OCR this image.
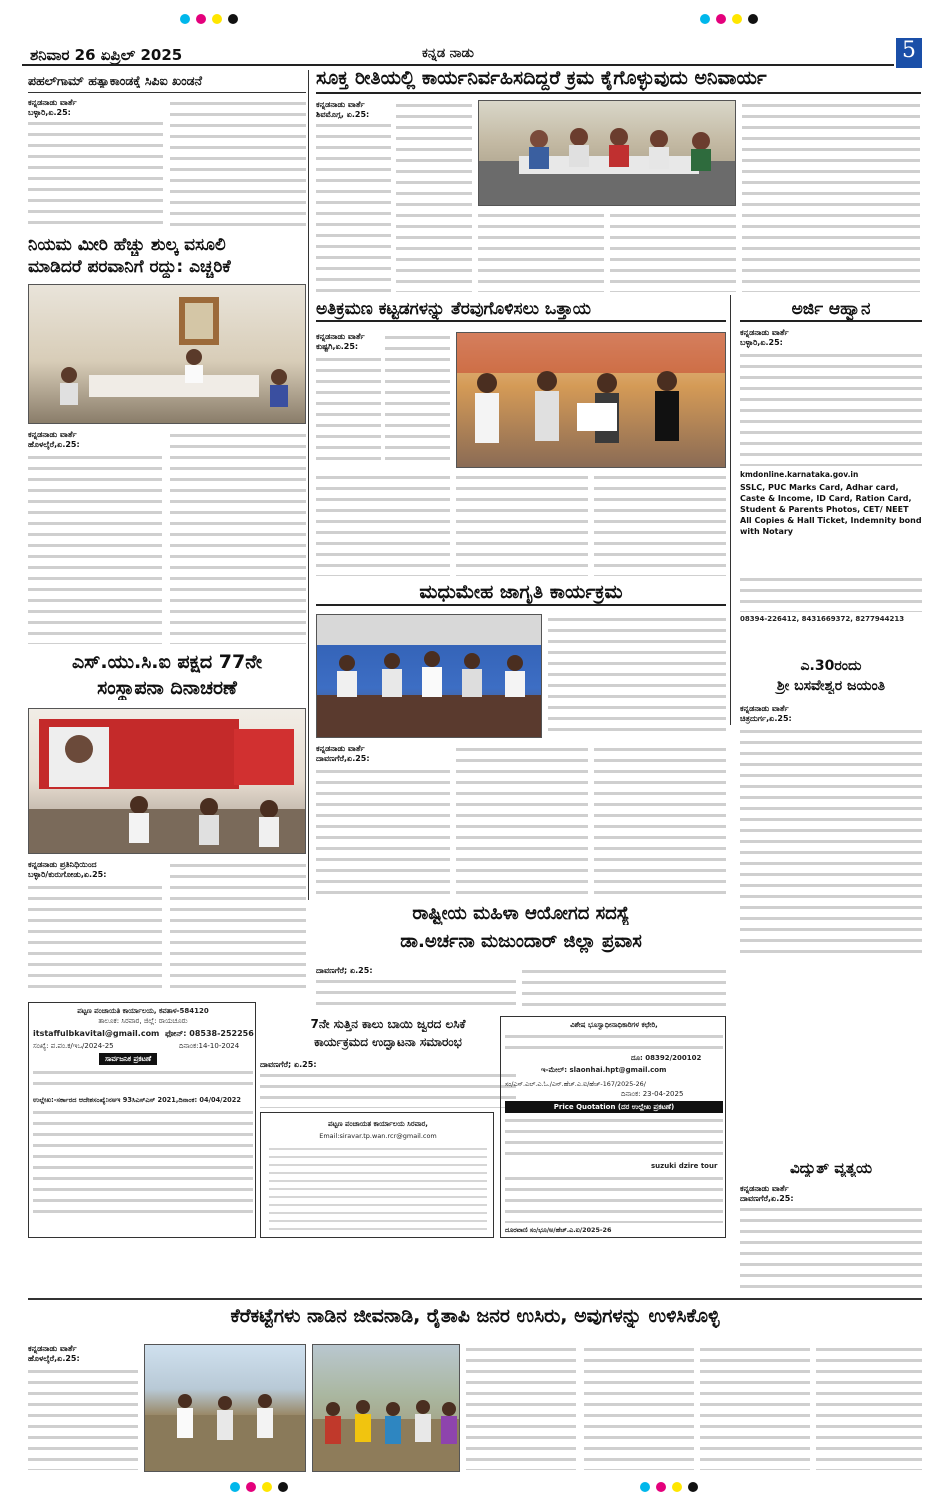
ಶನಿವಾರ 26 ಏಪ್ರಿಲ್ 2025	ಕನ್ನಡ ನಾಡು	5
ಪಹಲ್‌ಗಾಮ್ ಹತ್ಯಾಕಾಂಡಕ್ಕೆ ಸಿಪಿಐ ಖಂಡನೆ
ಕನ್ನಡನಾಡು ವಾರ್ತೆ
ಬಳ್ಳಾರಿ,ಏ.25:
ಸೂಕ್ತ ರೀತಿಯಲ್ಲಿ ಕಾರ್ಯನಿರ್ವಹಿಸದಿದ್ದರೆ ಕ್ರಮ ಕೈಗೊಳ್ಳುವುದು ಅನಿವಾರ್ಯ
ಕನ್ನಡನಾಡು ವಾರ್ತೆ
ಶಿವಮೊಗ್ಗ, ಏ.25:
ನಿಯಮ ಮೀರಿ ಹೆಚ್ಚು ಶುಲ್ಕ ವಸೂಲಿ
ಮಾಡಿದರೆ ಪರವಾನಿಗೆ ರದ್ದು: ಎಚ್ಚರಿಕೆ
ಕನ್ನಡನಾಡು ವಾರ್ತೆ
ಹೊಳಲ್ಕೆರೆ,ಏ.25:
ಅತಿಕ್ರಮಣ ಕಟ್ಟಡಗಳನ್ನು ತೆರವುಗೊಳಿಸಲು ಒತ್ತಾಯ
ಕನ್ನಡನಾಡು ವಾರ್ತೆ
ಕುಷ್ಟಗಿ,ಏ.25:
ಅರ್ಜಿ ಆಹ್ವಾನ
ಕನ್ನಡನಾಡು ವಾರ್ತೆ
ಬಳ್ಳಾರಿ,ಏ.25:
kmdonline.karnataka.gov.in
SSLC, PUC Marks Card, Adhar card, Caste & Income, ID Card, Ration Card, Student & Parents Photos, CET/ NEET All Copies & Hall Ticket, Indemnity bond with Notary
08394-226412, 8431669372, 8277944213
ಮಧುಮೇಹ ಜಾಗೃತಿ ಕಾರ್ಯಕ್ರಮ
ಕನ್ನಡನಾಡು ವಾರ್ತೆ
ದಾವಣಗೆರೆ,ಏ.25:
ಎಸ್.ಯು.ಸಿ.ಐ ಪಕ್ಷದ 77ನೇ
ಸಂಸ್ಥಾಪನಾ ದಿನಾಚರಣೆ
ಕನ್ನಡನಾಡು ಪ್ರತಿನಿಧಿಯಿಂದ
ಬಳ್ಳಾರಿ/ಕುರುಗೋಡು,ಏ.25:
ಎ.30ರಂದು
ಶ್ರೀ ಬಸವೇಶ್ವರ ಜಯಂತಿ
ಕನ್ನಡನಾಡು ವಾರ್ತೆ
ಚಿತ್ರದುರ್ಗ,ಏ.25:
ರಾಷ್ಟ್ರೀಯ ಮಹಿಳಾ ಆಯೋಗದ ಸದಸ್ಯೆ
ಡಾ.ಅರ್ಚನಾ ಮಜುಂದಾರ್ ಜಿಲ್ಲಾ ಪ್ರವಾಸ
ದಾವಣಗೆರೆ; ಏ.25:
7ನೇ ಸುತ್ತಿನ ಕಾಲು ಬಾಯಿ ಜ್ವರದ ಲಸಿಕೆ
ಕಾರ್ಯಕ್ರಮದ ಉದ್ಘಾಟನಾ ಸಮಾರಂಭ
ದಾವಣಗೆರೆ; ಏ.25:
ಪಟ್ಟಣ ಪಂಚಾಯತಿ ಕಾರ್ಯಾಲಯ, ಕವತಾಳ-584120
ತಾಲೂಕ: ಸಿರವಾರ, ಜಿಲ್ಲೆ: ರಾಯಚೂರು
itstaffulbkavital@gmail.com ಫೋನ್: 08538-252256
ಸಂಖ್ಯೆ: ಪ.ಪಂ.ಕ/ಇಒ/2024-25	ದಿನಾಂಕ:14-10-2024
ಸಾರ್ವಜನಿಕ ಪ್ರಕಟಣೆ
ಉಲ್ಲೇಖ:-ಸರ್ಕಾರದ ಆದೇಶಸಂಖ್ಯೆ:ನಅಇ 93ಸಿಎಸ್‌ಎಸ್ 2021,ದಿನಾಂಕ: 04/04/2022
ಪಟ್ಟಣ ಪಂಚಾಯತ ಕಾರ್ಯಾಲಯ ಸಿರವಾರ,
Email:siravar.tp.wan.rcr@gmail.com
ವಿಶೇಷ ಭೂಸ್ವಾಧೀನಾಧಿಕಾರಿಗಳ ಕಛೇರಿ,
ದೂ: 08392/200102
ಇ-ಮೇಲ್: slaonhai.hpt@gmail.com
ಸಂ/ಎಸ್.ಎಲ್.ಎ.ಓ./ಎನ್.ಹೆಚ್.ಎ.ಐ/ಹೆಚ್-167/2025-26/
ದಿನಾಂಕ: 23-04-2025
Price Quotation (ದರ ಉಲ್ಲೇಖ ಪ್ರಕಟಣೆ)
suzuki dzire tour
ದೂರವಾಣಿ ಸಂ/ಭೂ/ಅ/ಹೆಚ್.ಎ.ಐ/2025-26
ವಿದ್ಯುತ್ ವ್ಯತ್ಯಯ
ಕನ್ನಡನಾಡು ವಾರ್ತೆ
ದಾವಣಗೆರೆ,ಏ.25:
ಕೆರೆಕಟ್ಟೆಗಳು ನಾಡಿನ ಜೀವನಾಡಿ, ರೈತಾಪಿ ಜನರ ಉಸಿರು, ಅವುಗಳನ್ನು ಉಳಿಸಿಕೊಳ್ಳಿ
ಕನ್ನಡನಾಡು ವಾರ್ತೆ
ಹೊಳಲ್ಕೆರೆ,ಏ.25:
